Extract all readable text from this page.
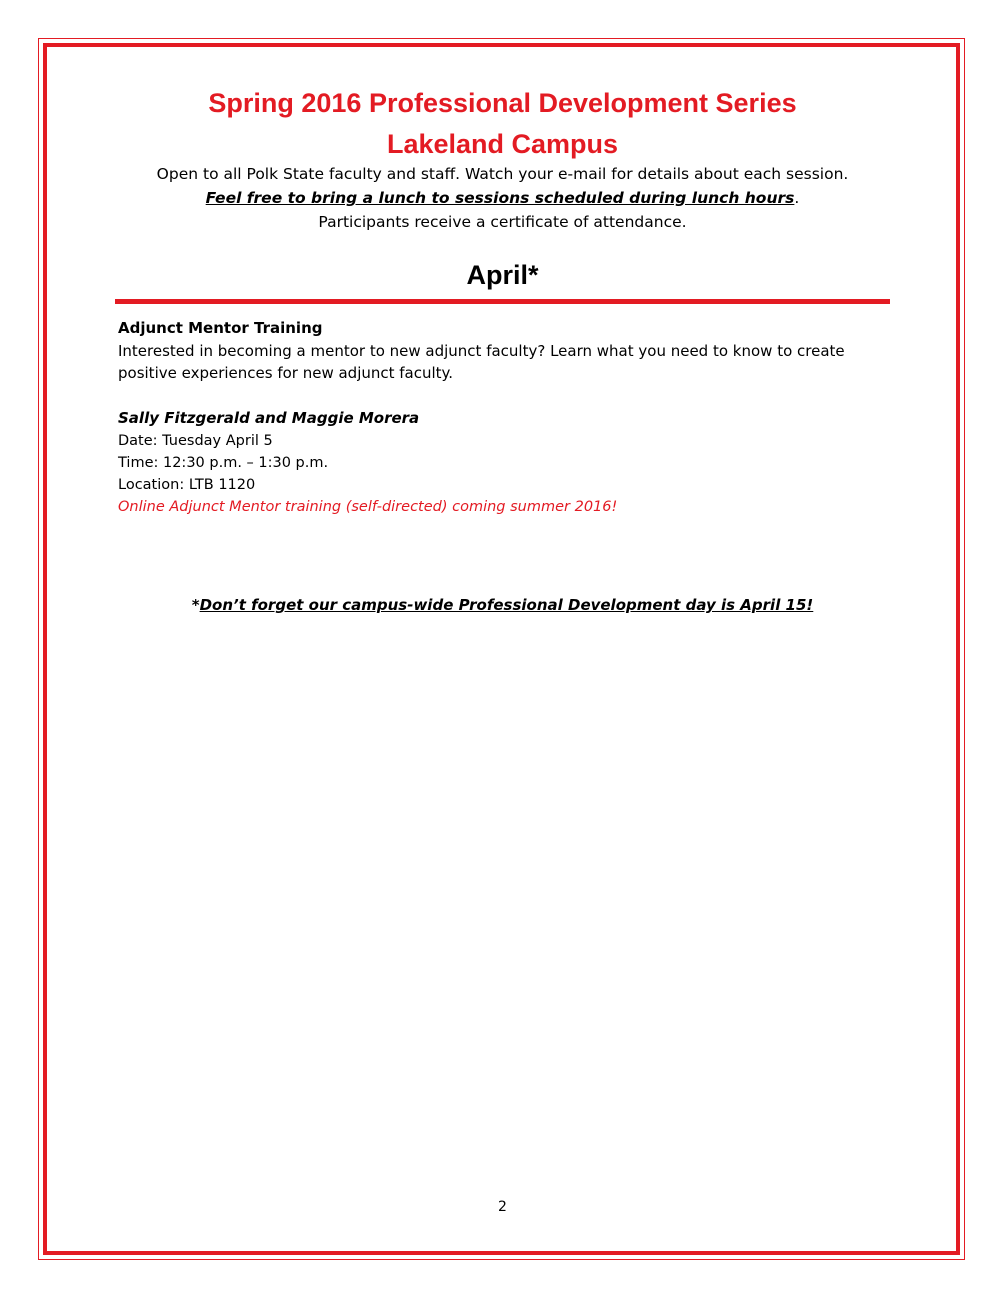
Spring 2016 Professional Development Series
Lakeland Campus
Open to all Polk State faculty and staff. Watch your e-mail for details about each session.
Feel free to bring a lunch to sessions scheduled during lunch hours.
Participants receive a certificate of attendance.
April*
Adjunct Mentor Training
Interested in becoming a mentor to new adjunct faculty? Learn what you need to know to create positive experiences for new adjunct faculty.
Sally Fitzgerald and Maggie Morera
Date: Tuesday April 5
Time: 12:30 p.m. – 1:30 p.m.
Location: LTB 1120
Online Adjunct Mentor training (self-directed) coming summer 2016!
*Don’t forget our campus-wide Professional Development day is April 15!
2
